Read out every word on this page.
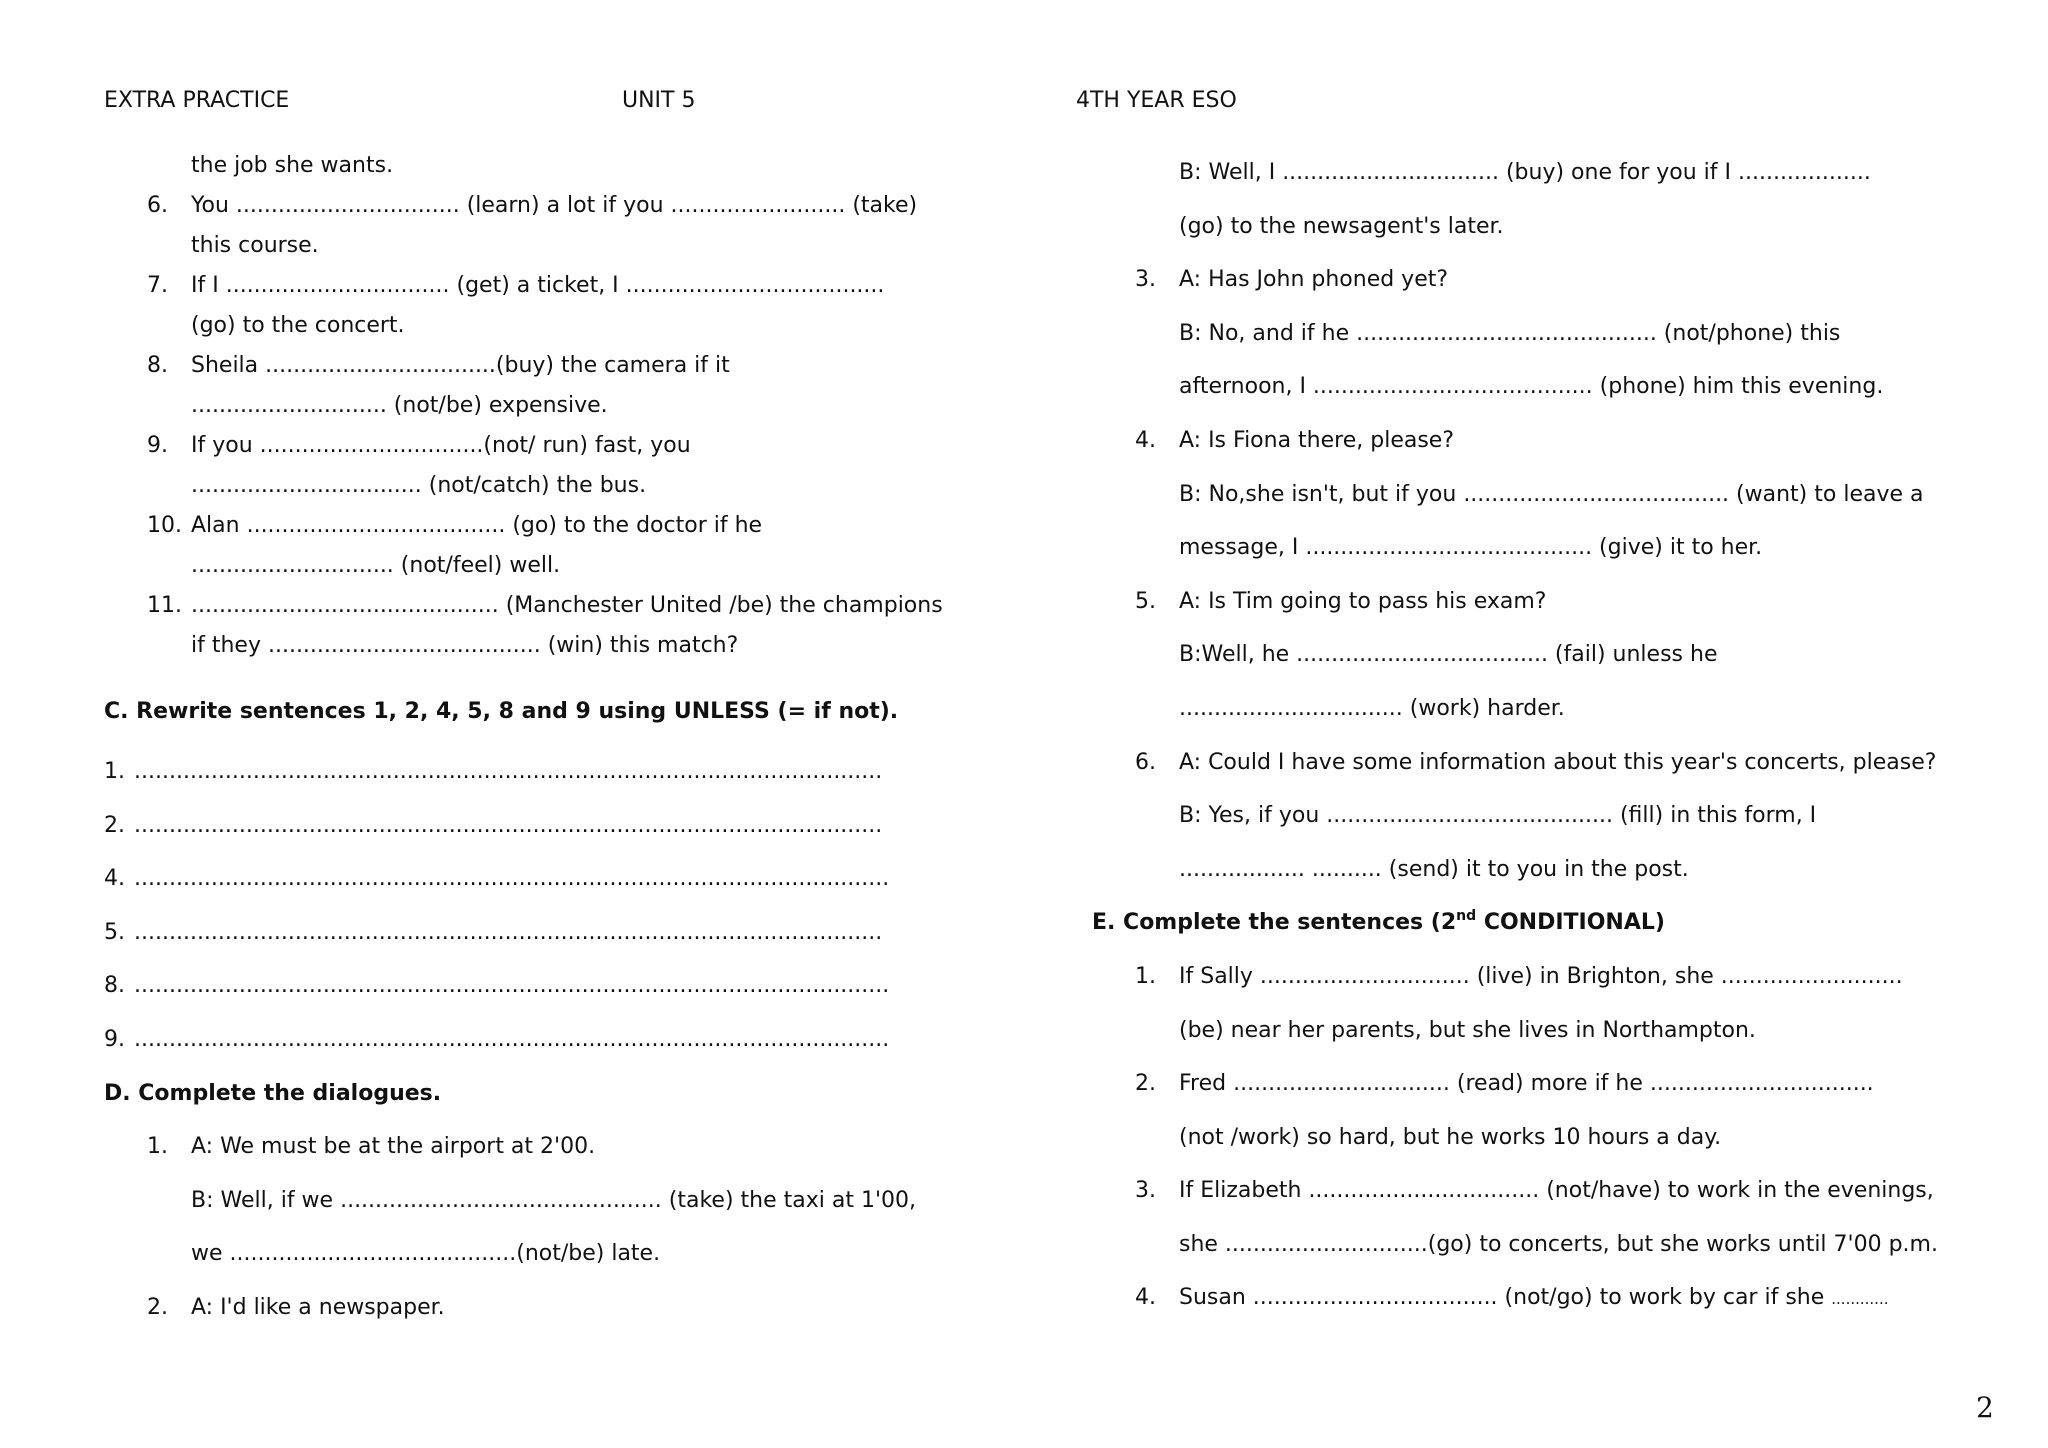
EXTRA PRACTICE	UNIT 5	4TH YEAR ESO
the job she wants.
6. You ................................ (learn) a lot if you ......................... (take)
this course.
7. If I ................................ (get) a ticket, I .....................................
(go) to the concert.
8. Sheila .................................(buy) the camera if it
............................ (not/be) expensive.
9. If you ................................(not/ run) fast, you
................................. (not/catch) the bus.
10. Alan ..................................... (go) to the doctor if he
............................. (not/feel) well.
11. ............................................ (Manchester United /be) the champions
if they ....................................... (win) this match?
C. Rewrite sentences 1, 2, 4, 5, 8 and 9 using UNLESS (= if not).
1. ...........................................................................................................
2. ...........................................................................................................
4. ............................................................................................................
5. ...........................................................................................................
8. ............................................................................................................
9. ............................................................................................................
D. Complete the dialogues.
1. A: We must be at the airport at 2'00.
B: Well, if we .............................................. (take) the taxi at 1'00,
we .........................................(not/be) late.
2. A: I'd like a newspaper.
B: Well, I ............................... (buy) one for you if I ...................
(go) to the newsagent's later.
3. A: Has John phoned yet?
B: No, and if he ........................................... (not/phone) this
afternoon, I ........................................ (phone) him this evening.
4. A: Is Fiona there, please?
B: No,she isn't, but if you ...................................... (want) to leave a
message, I ......................................... (give) it to her.
5. A: Is Tim going to pass his exam?
B:Well, he .................................... (fail) unless he
................................ (work) harder.
6. A: Could I have some information about this year's concerts, please?
B: Yes, if you ......................................... (fill) in this form, I
.................. .......... (send) it to you in the post.
E. Complete the sentences (2nd CONDITIONAL)
1. If Sally .............................. (live) in Brighton, she ..........................
(be) near her parents, but she lives in Northampton.
2. Fred ............................... (read) more if he ................................
(not /work) so hard, but he works 10 hours a day.
3. If Elizabeth ................................. (not/have) to work in the evenings,
she .............................(go) to concerts, but she works until 7'00 p.m.
4. Susan ................................... (not/go) to work by car if she ............
2
